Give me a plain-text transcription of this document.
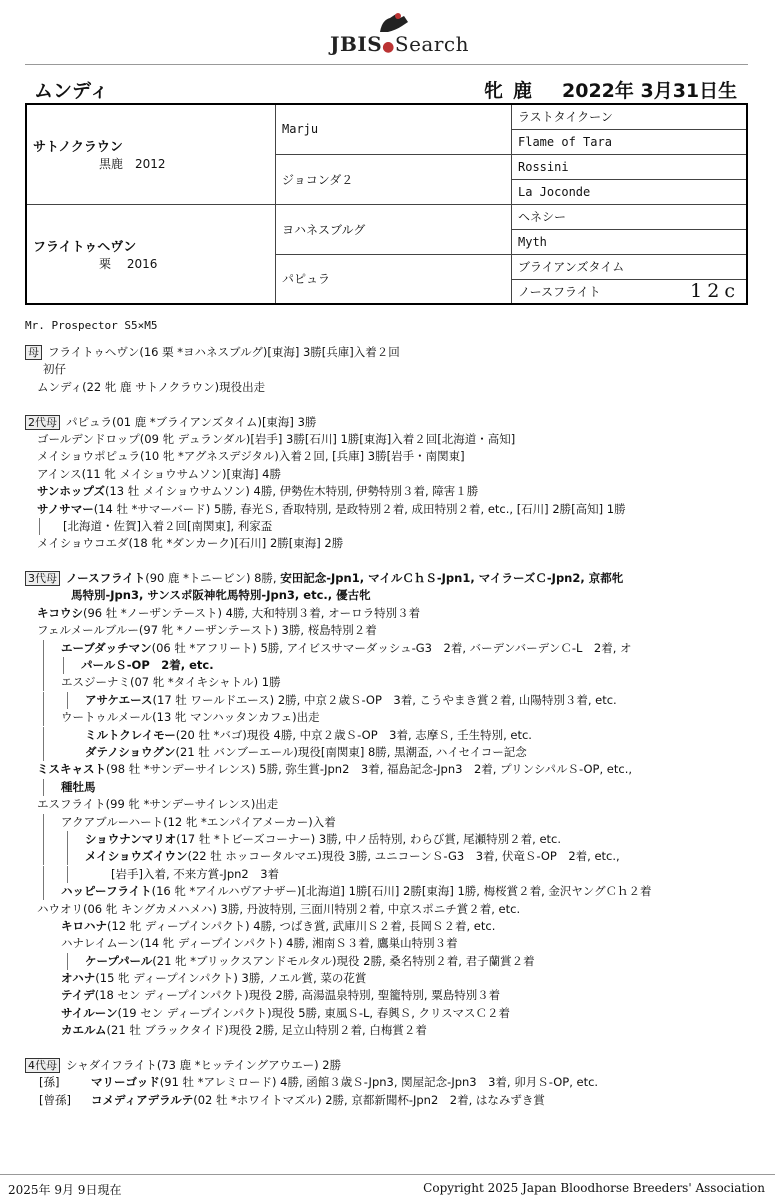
JBIS●Search
ムンディ	牝 鹿 2022年 3月31日生
サトノクラウン
黒鹿　2012	Marju	ラストタイクーン
		Flame of Tara
	ジョコンダ２	Rossini
		La Joconde

フライトゥヘヴン
栗　 2016	ヨハネスブルグ	ヘネシー
		Myth
	パピュラ	ブライアンズタイム
		ノースフライト 12c
Mr. Prospector S5×M5
母 フライトゥヘヴン(16 栗 *ヨハネスブルグ)[東海] 3勝[兵庫]入着２回
初仔
ムンディ(22 牝 鹿 サトノクラウン)現役出走
2代母 パピュラ(01 鹿 *ブライアンズタイム)[東海] 3勝
ゴールデンドロップ(09 牝 デュランダル)[岩手] 3勝[石川] 1勝[東海]入着２回[北海道・高知]
メイショウポピュラ(10 牝 *アグネスデジタル)入着２回, [兵庫] 3勝[岩手・南関東]
アインス(11 牝 メイショウサムソン)[東海] 4勝
サンホップズ(13 牡 メイショウサムソン) 4勝, 伊勢佐木特別, 伊勢特別３着, 障害１勝
サノサマー(14 牡 *サマーバード) 5勝, 春光Ｓ, 香取特別, 是政特別２着, 成田特別２着, etc., [石川] 2勝[高知] 1勝
[北海道・佐賀]入着２回[南関東], 利家盃
メイショウコエダ(18 牝 *ダンカーク)[石川] 2勝[東海] 2勝
3代母 ノースフライト(90 鹿 *トニービン) 8勝, 安田記念-Jpn1, マイルＣｈＳ-Jpn1, マイラーズＣ-Jpn2, 京都牝
馬特別-Jpn3, サンスポ阪神牝馬特別-Jpn3, etc., 優古牝
キコウシ(96 牡 *ノーザンテースト) 4勝, 大和特別３着, オーロラ特別３着
フェルメールブルー(97 牝 *ノーザンテースト) 3勝, 桜島特別２着
エーブダッチマン(06 牡 *アフリート) 5勝, アイビスサマーダッシュ-G3　2着, バーデンバーデンＣ-L　2着, オ
パールＳ-OP　2着, etc.
エスジーナミ(07 牝 *タイキシャトル) 1勝
アサケエース(17 牡 ワールドエース) 2勝, 中京２歳Ｓ-OP　3着, こうやまき賞２着, 山陽特別３着, etc.
ウートゥルメール(13 牝 マンハッタンカフェ)出走
ミルトクレイモー(20 牡 *バゴ)現役 4勝, 中京２歳Ｓ-OP　3着, 志摩Ｓ, 壬生特別, etc.
ダテノショウグン(21 牡 バンブーエール)現役[南関東] 8勝, 黒潮盃, ハイセイコー記念
ミスキャスト(98 牡 *サンデーサイレンス) 5勝, 弥生賞-Jpn2　3着, 福島記念-Jpn3　2着, プリンシパルＳ-OP, etc.,
種牡馬
エスフライト(99 牝 *サンデーサイレンス)出走
アクアブルーハート(12 牝 *エンパイアメーカー)入着
ショウナンマリオ(17 牡 *トビーズコーナー) 3勝, 中ノ岳特別, わらび賞, 尾瀬特別２着, etc.
メイショウズイウン(22 牡 ホッコータルマエ)現役 3勝, ユニコーンＳ-G3　3着, 伏竜Ｓ-OP　2着, etc.,
[岩手]入着, 不来方賞-Jpn2　3着
ハッピーフライト(16 牝 *アイルハヴアナザー)[北海道] 1勝[石川] 2勝[東海] 1勝, 梅桜賞２着, 金沢ヤングＣｈ２着
ハウオリ(06 牝 キングカメハメハ) 3勝, 丹波特別, 三面川特別２着, 中京スポニチ賞２着, etc.
キロハナ(12 牝 ディープインパクト) 4勝, つばき賞, 武庫川Ｓ２着, 長岡Ｓ２着, etc.
ハナレイムーン(14 牝 ディープインパクト) 4勝, 湘南Ｓ３着, 鷹巣山特別３着
ケープパール(21 牝 *ブリックスアンドモルタル)現役 2勝, 桑名特別２着, 君子蘭賞２着
オハナ(15 牝 ディープインパクト) 3勝, ノエル賞, 菜の花賞
テイデ(18 セン ディープインパクト)現役 2勝, 高湯温泉特別, 聖籠特別, 粟島特別３着
サイルーン(19 セン ディープインパクト)現役 5勝, 東風Ｓ-L, 春興Ｓ, クリスマスＣ２着
カエルム(21 牡 ブラックタイド)現役 2勝, 足立山特別２着, 白梅賞２着
4代母 シャダイフライト(73 鹿 *ヒッテイングアウエー) 2勝
[孫]	マリーゴッド(91 牡 *アレミロード) 4勝, 函館３歳Ｓ-Jpn3, 関屋記念-Jpn3　3着, 卯月Ｓ-OP, etc.
[曾孫] コメディアデラルテ(02 牡 *ホワイトマズル) 2勝, 京都新聞杯-Jpn2　2着, はなみずき賞
2025年 9月 9日現在	Copyright 2025 Japan Bloodhorse Breeders' Association
